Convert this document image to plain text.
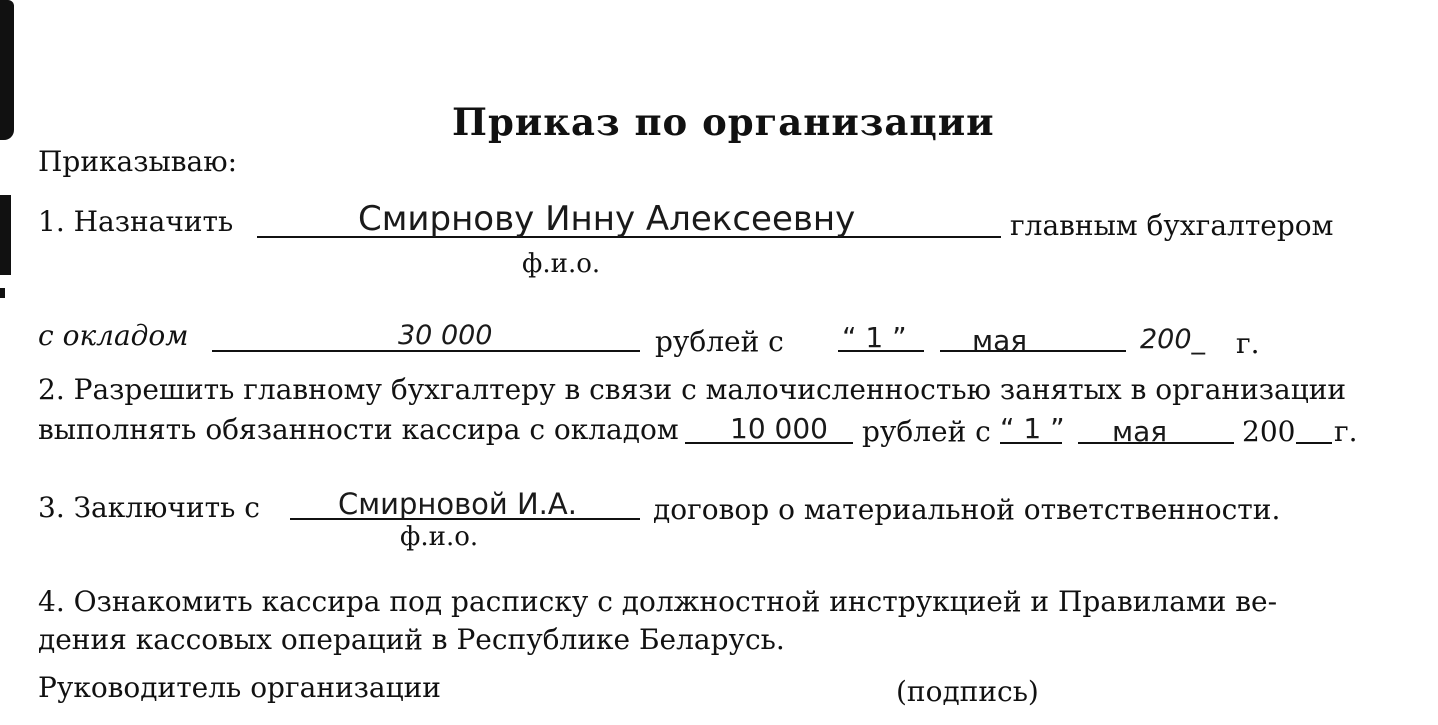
Приказ по организации
Приказываю:
1. Назначить	Смирнову Инну Алексеевну	главным бухгалтером
ф.и.о.
с окладом	30 000	рублей с “ 1 ” мая	200_ г.
2. Разрешить главному бухгалтеру в связи с малочисленностью занятых в организации
выполнять обязанности кассира с окладом 10 000 рублей с “ 1 ” мая	200 г.
3. Заключить с	Смирновой И.А.	договор о материальной ответственности.
ф.и.о.
4. Ознакомить кассира под расписку с должностной инструкцией и Правилами ве-
дения кассовых операций в Республике Беларусь.
Руководитель организации	(подпись)
